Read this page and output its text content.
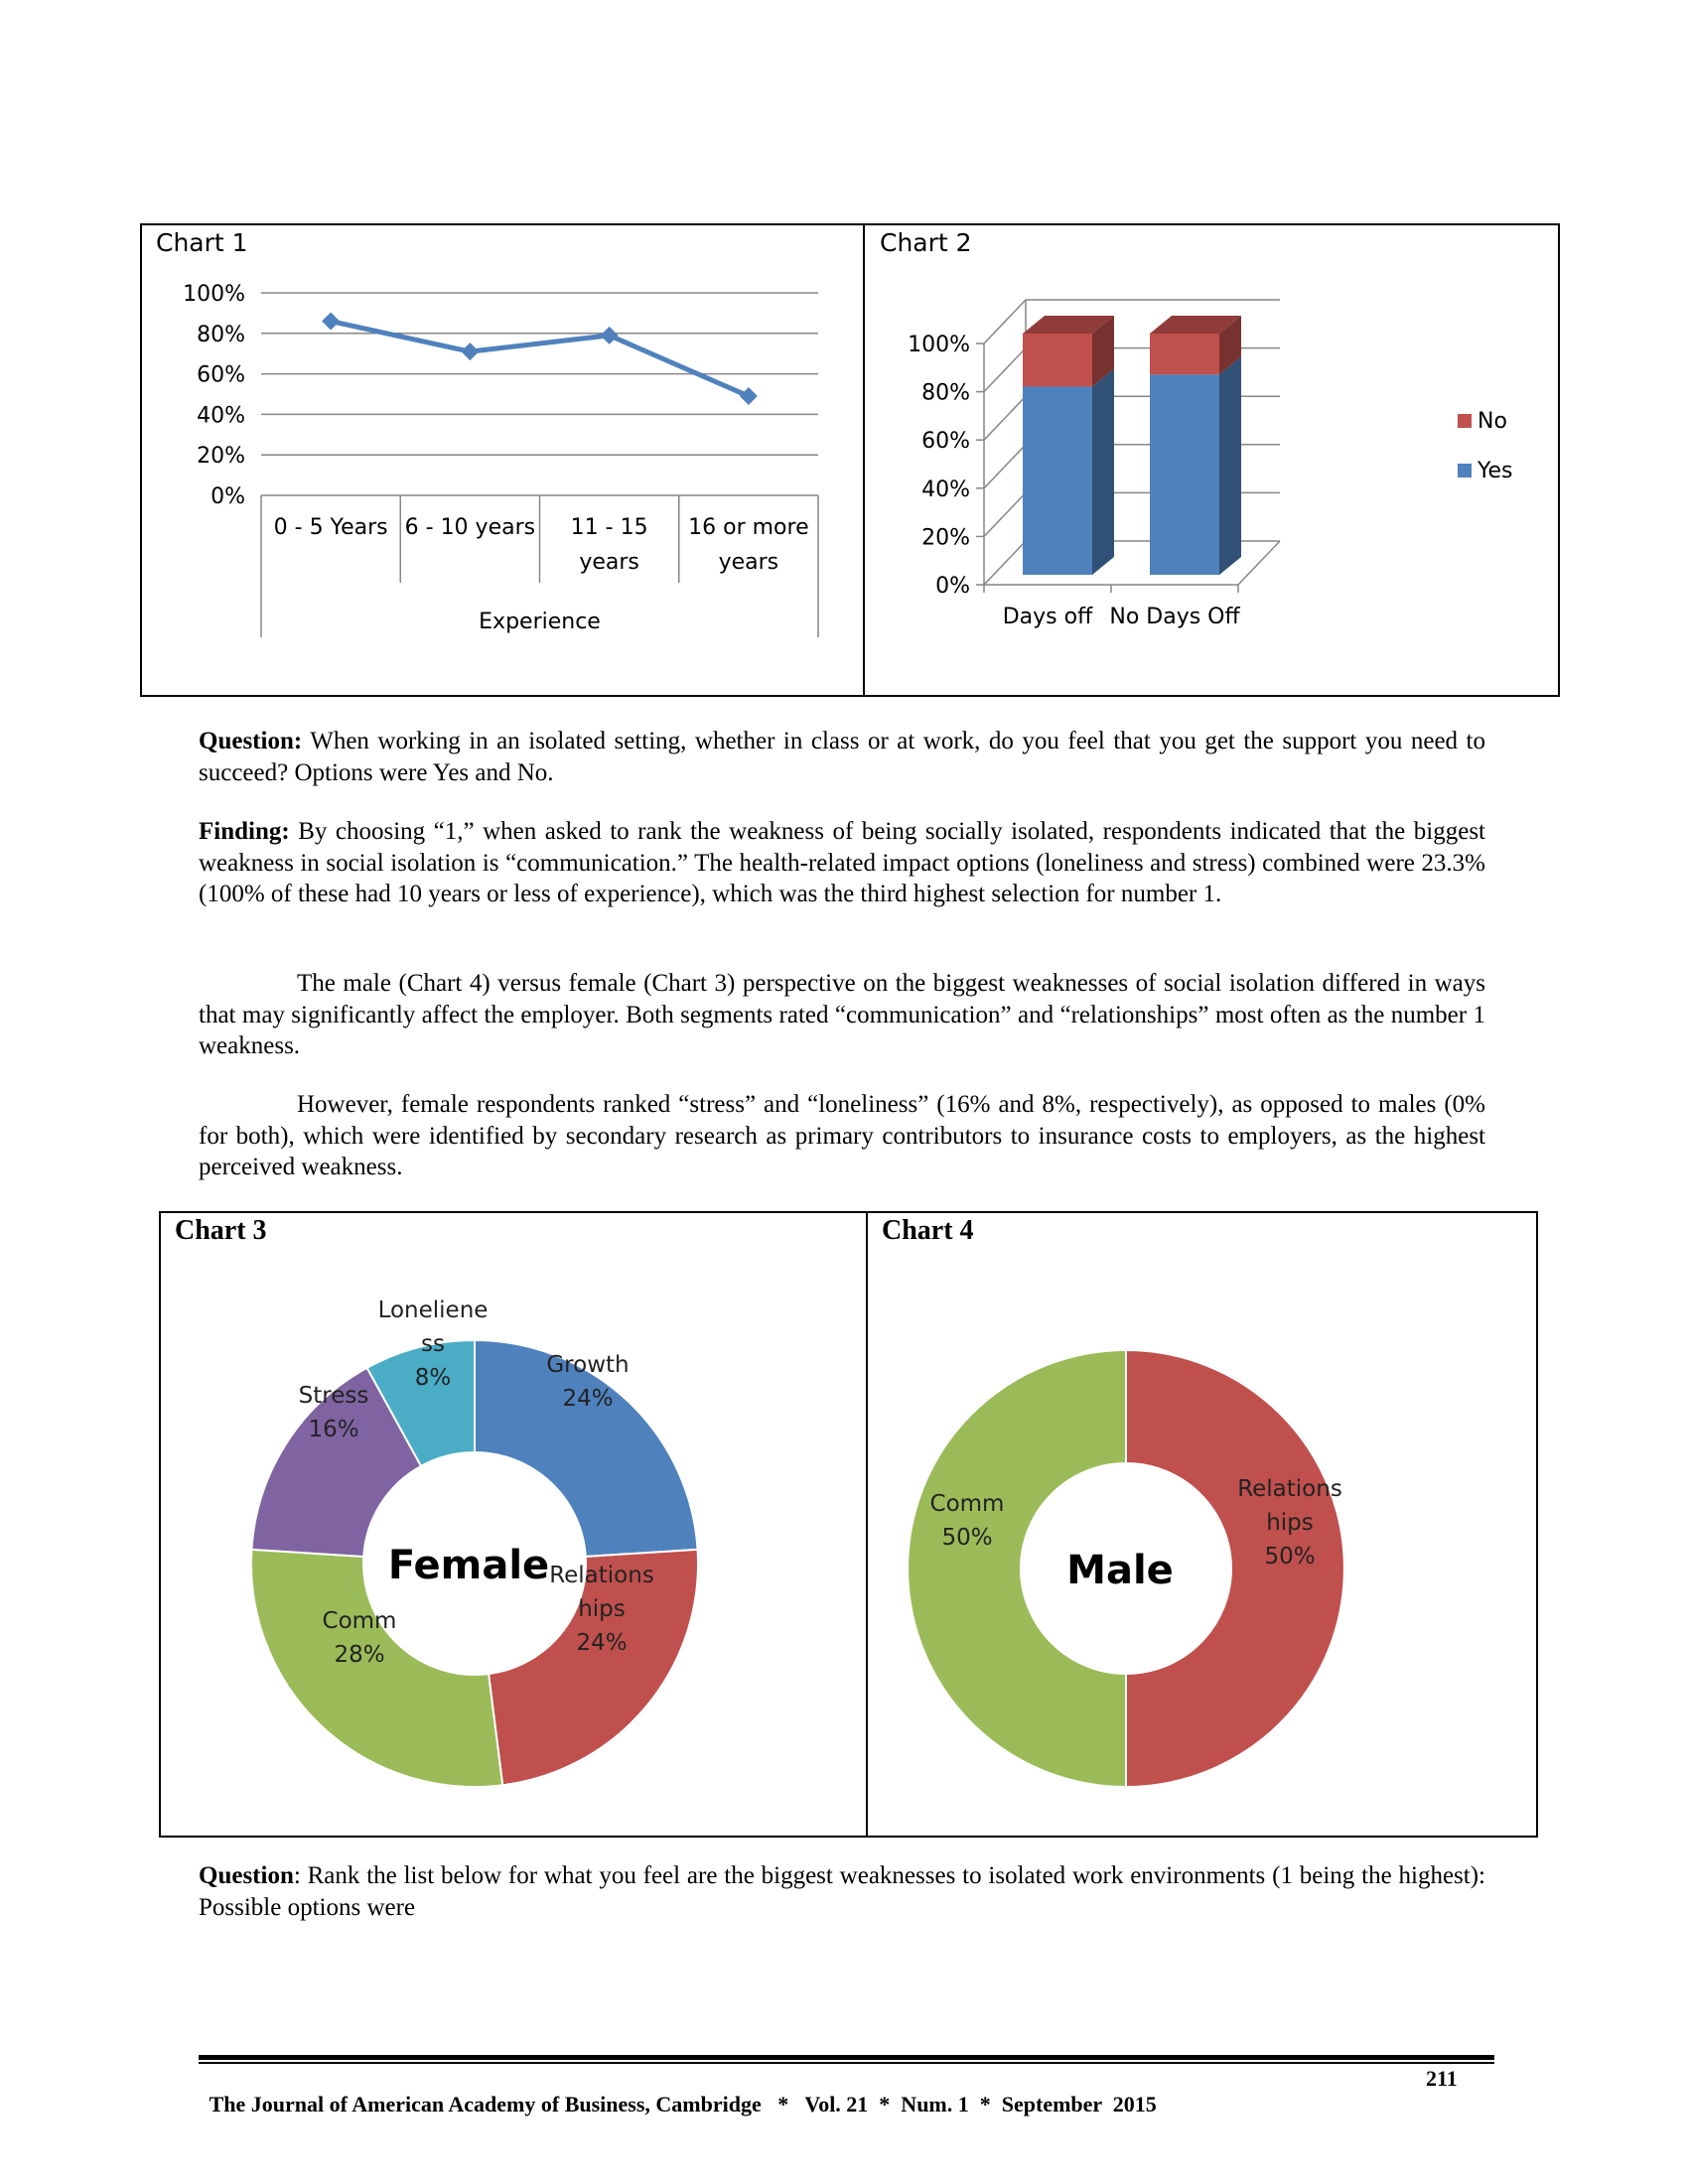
Chart 1	Chart 2
0%
20%
40%
60%
80%
100%
0 - 5 Years 6 - 10 years 11 - 15
years
16 or more
years
Experience
0%
20%
40%
60%
80%
100%
Days off No Days Off
No
Yes
Question: When working in an isolated setting, whether in class or at work, do you feel that you get the support you need to succeed? Options were Yes and No.
Finding: By choosing “1,” when asked to rank the weakness of being socially isolated, respondents indicated that the biggest weakness in social isolation is “communication.” The health-related impact options (loneliness and stress) combined were 23.3% (100% of these had 10 years or less of experience), which was the third highest selection for number 1.
The male (Chart 4) versus female (Chart 3) perspective on the biggest weaknesses of social isolation differed in ways that may significantly affect the employer. Both segments rated “communication” and “relationships” most often as the number 1 weakness.
However, female respondents ranked “stress” and “loneliness” (16% and 8%, respectively), as opposed to males (0% for both), which were identified by secondary research as primary contributors to insurance costs to employers, as the highest perceived weakness.
Chart 3	Chart 4
Growth
24%
Relations
hips
24%
Comm
28%
Stress
16%
Loneliene
ss
8%
Female
Relations
hips
50%
Comm
50%
Male
Question: Rank the list below for what you feel are the biggest weaknesses to isolated work environments (1 being the highest): Possible options were

The Journal of American Academy of Business, Cambridge   *   Vol. 21  *  Num. 1  *  September  2015

211
